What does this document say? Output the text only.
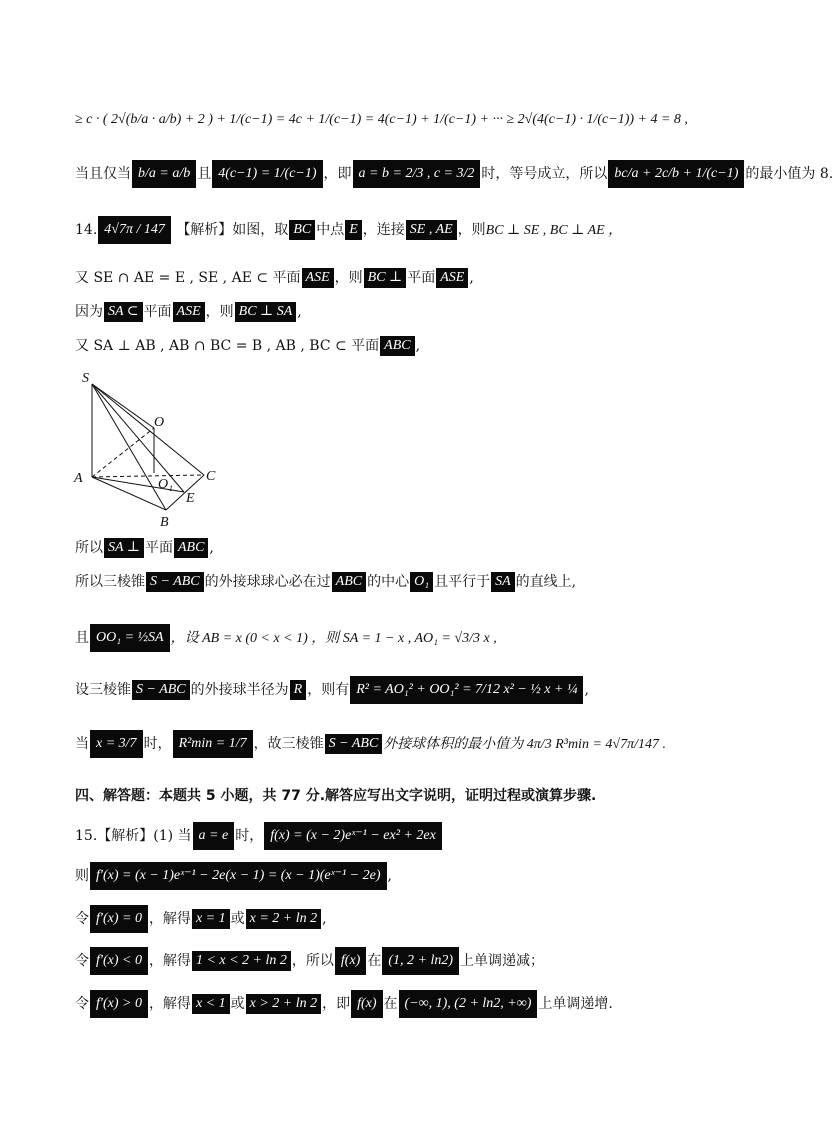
≥ c · ( 2√(b/a · a/b) + 2 ) + 1/(c−1) = 4c + 1/(c−1) = 4(c−1) + 1/(c−1) + ··· ≥ 2√(4(c−1) · 1/(c−1)) + 4 = 8 ,
当且仅当 b/a = a/b 且 4(c−1) = 1/(c−1) ，即 a = b = 2/3 , c = 3/2 时，等号成立，所以 bc/a + 2c/b + 1/(c−1) 的最小值为 8.
14. 4√7π / 147 【解析】如图，取 BC 中点 E ，连接 SE , AE ，则BC ⊥ SE , BC ⊥ AE ，
又 SE ∩ AE = E , SE , AE ⊂ 平面 ASE ，则 BC ⊥ 平面 ASE ,
因为 SA ⊂ 平面 ASE ，则 BC ⊥ SA ,
又 SA ⊥ AB , AB ∩ BC = B , AB , BC ⊂ 平面 ABC ,
S
O
A	C
O₁
E
B
所以 SA ⊥ 平面 ABC ,
所以三棱锥 S − ABC 的外接球球心必在过 ABC 的中心 O₁ 且平行于 SA 的直线上,
且 OO₁ = ½SA ，设 AB = x (0 < x < 1) ，则 SA = 1 − x , AO₁ = √3/3 x ,
设三棱锥 S − ABC 的外接球半径为 R ，则有 R² = AO₁² + OO₁² = 7/12 x² − ½ x + ¼ ,
当 x = 3/7 时， R²min = 1/7 ，故三棱锥 S − ABC 外接球体积的最小值为 4π/3 R³min = 4√7π/147 .
四、解答题：本题共 5 小题，共 77 分.解答应写出文字说明，证明过程或演算步骤.
15.【解析】(1) 当 a = e 时， f(x) = (x − 2)eˣ⁻¹ − ex² + 2ex
则 f′(x) = (x − 1)eˣ⁻¹ − 2e(x − 1) = (x − 1)(eˣ⁻¹ − 2e) ,
令 f′(x) = 0 ，解得 x = 1 或 x = 2 + ln 2 ,
令 f′(x) < 0 ，解得 1 < x < 2 + ln 2 ，所以 f(x) 在 (1, 2 + ln2) 上单调递减；
令 f′(x) > 0 ，解得 x < 1 或 x > 2 + ln 2 ，即 f(x) 在 (−∞, 1), (2 + ln2, +∞) 上单调递增.
